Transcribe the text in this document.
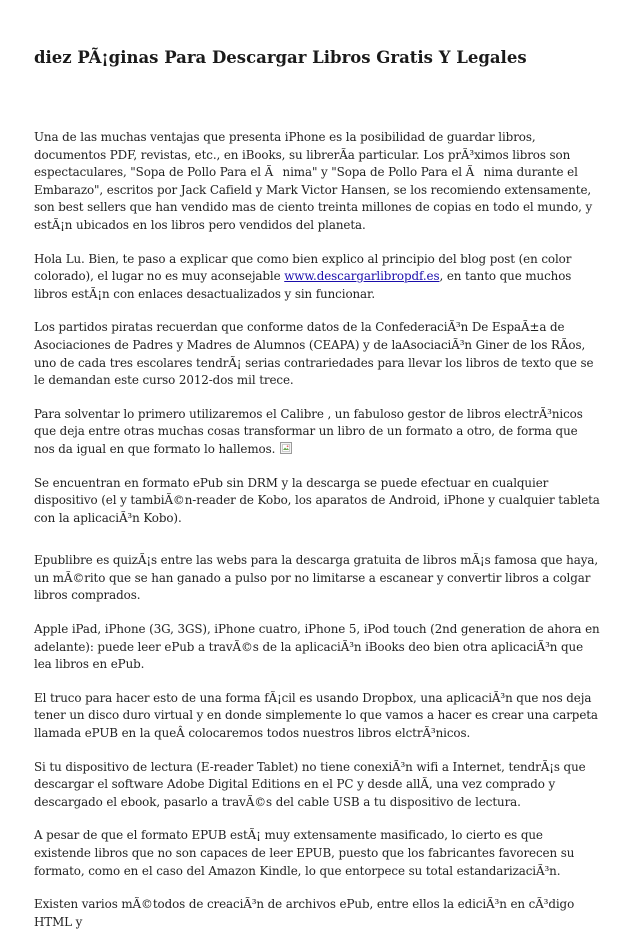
diez PÃ¡ginas Para Descargar Libros Gratis Y Legales

Una de las muchas ventajas que presenta iPhone es la posibilidad de guardar libros, documentos PDF, revistas, etc., en iBooks, su librerÃa particular. Los prÃ³ximos libros son espectaculares, "Sopa de Pollo Para el Ãnima" y "Sopa de Pollo Para el Ãnima durante el Embarazo", escritos por Jack Cafield y Mark Victor Hansen, se los recomiendo extensamente, son best sellers que han vendido mas de ciento treinta millones de copias en todo el mundo, y estÃ¡n ubicados en los libros pero vendidos del planeta.

Hola Lu. Bien, te paso a explicar que como bien explico al principio del blog post (en color colorado), el lugar no es muy aconsejable www.descargarlibropdf.es, en tanto que muchos libros estÃ¡n con enlaces desactualizados y sin funcionar.

Los partidos piratas recuerdan que conforme datos de la ConfederaciÃ³n De EspaÃ±a de Asociaciones de Padres y Madres de Alumnos (CEAPA) y de laAsociaciÃ³n Giner de los RÃos, uno de cada tres escolares tendrÃ¡ serias contrariedades para llevar los libros de texto que se le demandan este curso 2012-dos mil trece.

Para solventar lo primero utilizaremos el Calibre , un fabuloso gestor de libros electrÃ³nicos que deja entre otras muchas cosas transformar un libro de un formato a otro, de forma que nos da igual en que formato lo hallemos.

Se encuentran en formato ePub sin DRM y la descarga se puede efectuar en cualquier dispositivo (el y tambiÃ©n-reader de Kobo, los aparatos de Android, iPhone y cualquier tableta con la aplicaciÃ³n Kobo).

Epublibre es quizÃ¡s entre las webs para la descarga gratuita de libros mÃ¡s famosa que haya, un mÃ©rito que se han ganado a pulso por no limitarse a escanear y convertir libros a colgar libros comprados.

Apple iPad, iPhone (3G, 3GS), iPhone cuatro, iPhone 5, iPod touch (2nd generation de ahora en adelante): puede leer ePub a travÃ©s de la aplicaciÃ³n iBooks deo bien otra aplicaciÃ³n que lea libros en ePub.

El truco para hacer esto de una forma fÃ¡cil es usando Dropbox, una aplicaciÃ³n que nos deja tener un disco duro virtual y en donde simplemente lo que vamos a hacer es crear una carpeta llamada ePUB en la queÂ colocaremos todos nuestros libros elctrÃ³nicos.

Si tu dispositivo de lectura (E-reader Tablet) no tiene conexiÃ³n wifi a Internet, tendrÃ¡s que descargar el software Adobe Digital Editions en el PC y desde allÃ, una vez comprado y descargado el ebook, pasarlo a travÃ©s del cable USB a tu dispositivo de lectura.

A pesar de que el formato EPUB estÃ¡ muy extensamente masificado, lo cierto es que existende libros que no son capaces de leer EPUB, puesto que los fabricantes favorecen su formato, como en el caso del Amazon Kindle, lo que entorpece su total estandarizaciÃ³n.

Existen varios mÃ©todos de creaciÃ³n de archivos ePub, entre ellos la ediciÃ³n en cÃ³digo HTML y
